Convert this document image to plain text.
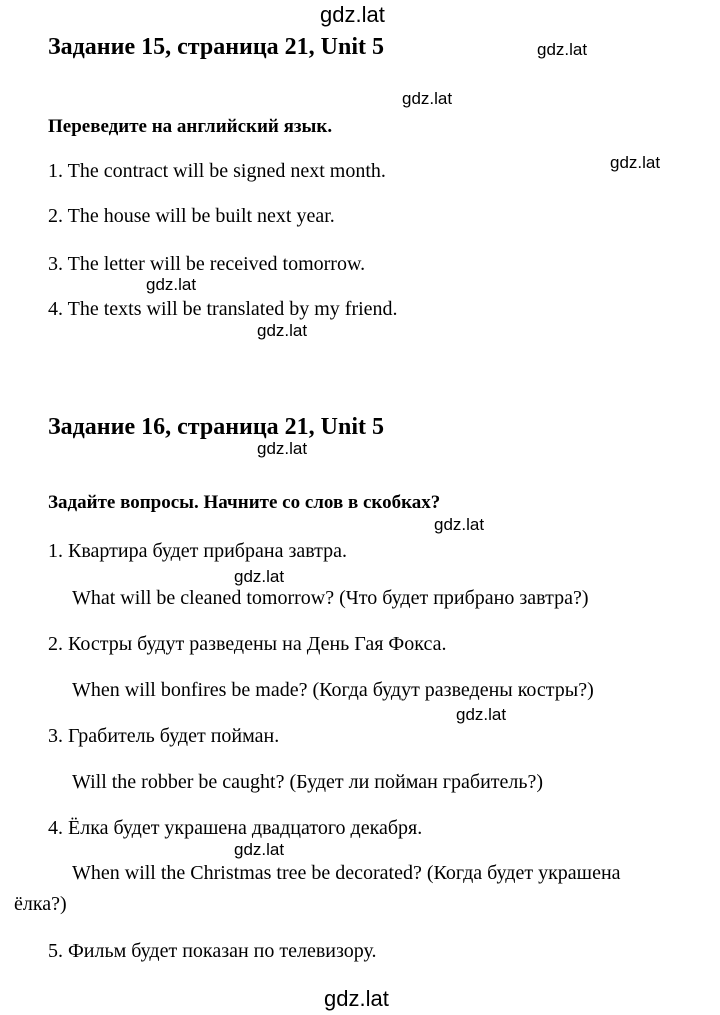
gdz.lat
gdz.lat
gdz.lat
gdz.lat
gdz.lat
gdz.lat
gdz.lat
gdz.lat
gdz.lat
gdz.lat
gdz.lat
gdz.lat
Задание 15, страница 21, Unit 5
Переведите на английский язык.
1. The contract will be signed next month.
2. The house will be built next year.
3. The letter will be received tomorrow.
4. The texts will be translated by my friend.
Задание 16, страница 21, Unit 5
Задайте вопросы. Начните со слов в скобках?
1. Квартира будет прибрана завтра.
What will be cleaned tomorrow? (Что будет прибрано завтра?)
2. Костры будут разведены на День Гая Фокса.
When will bonfires be made? (Когда будут разведены костры?)
3. Грабитель будет пойман.
Will the robber be caught? (Будет ли пойман грабитель?)
4. Ёлка будет украшена двадцатого декабря.
When will the Christmas tree be decorated? (Когда будет украшена
ёлка?)
5. Фильм будет показан по телевизору.
